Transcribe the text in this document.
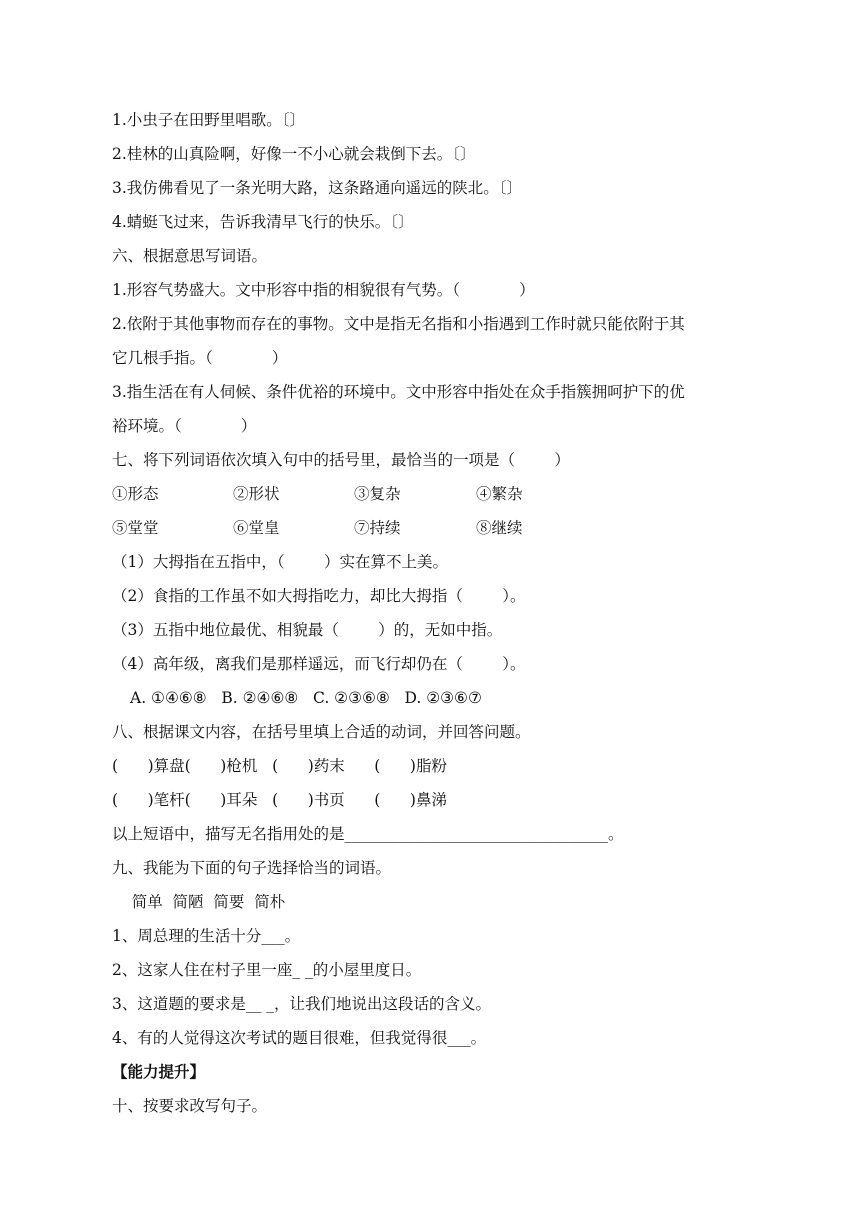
1.小虫子在田野里唱歌。〔〕
2.桂林的山真险啊，好像一不小心就会栽倒下去。〔〕
3.我仿佛看见了一条光明大路，这条路通向遥远的陕北。〔〕
4.蜻蜓飞过来，告诉我清早飞行的快乐。〔〕
六、根据意思写词语。
1.形容气势盛大。文中形容中指的相貌很有气势。（            ）
2.依附于其他事物而存在的事物。文中是指无名指和小指遇到工作时就只能依附于其
它几根手指。（            ）
3.指生活在有人伺候、条件优裕的环境中。文中形容中指处在众手指簇拥呵护下的优
裕环境。（            ）
七、将下列词语依次填入句中的括号里，最恰当的一项是（        ）
①形态	②形状	③复杂	④繁杂
⑤堂堂	⑥堂皇	⑦持续	⑧继续
（1）大拇指在五指中，（        ）实在算不上美。
（2）食指的工作虽不如大拇指吃力，却比大拇指（        ）。
（3）五指中地位最优、相貌最（        ）的，无如中指。
（4）高年级，离我们是那样遥远，而飞行却仍在（        ）。
A. ①④⑥⑧   B. ②④⑥⑧   C. ②③⑥⑧   D. ②③⑥⑦
八、根据课文内容，在括号里填上合适的动词，并回答问题。
(      )算盘(      )枪机   (      )药末      (      )脂粉
(      )笔杆(      )耳朵   (      )书页      (      )鼻涕
以上短语中，描写无名指用处的是__________________________________。
九、我能为下面的句子选择恰当的词语。
简单  简陋  简要  简朴
1、周总理的生活十分___。
2、这家人住在村子里一座_ _的小屋里度日。
3、这道题的要求是__ _，让我们地说出这段话的含义。
4、有的人觉得这次考试的题目很难，但我觉得很___。
【能力提升】
十、按要求改写句子。
